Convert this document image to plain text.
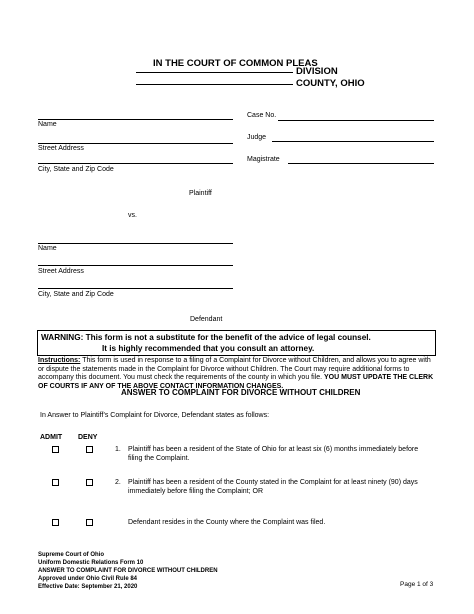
IN THE COURT OF COMMON PLEAS
DIVISION
COUNTY, OHIO
Name
Street Address
City, State and Zip Code
Plaintiff
Case No.
Judge
Magistrate
vs.
Name
Street Address
City, State and Zip Code
Defendant
WARNING: This form is not a substitute for the benefit of the advice of legal counsel.
It is highly recommended that you consult an attorney.
Instructions: This form is used in response to a filing of a Complaint for Divorce without Children, and allows you to agree with or dispute the statements made in the Complaint for Divorce without Children. The Court may require additional forms to accompany this document. You must check the requirements of the county in which you file. YOU MUST UPDATE THE CLERK OF COURTS IF ANY OF THE ABOVE CONTACT INFORMATION CHANGES.
ANSWER TO COMPLAINT FOR DIVORCE WITHOUT CHILDREN
In Answer to Plaintiff’s Complaint for Divorce, Defendant states as follows:
ADMIT DENY
1. Plaintiff has been a resident of the State of Ohio for at least six (6) months immediately before filing the Complaint.
2. Plaintiff has been a resident of the County stated in the Complaint for at least ninety (90) days immediately before filing the Complaint; OR
Defendant resides in the County where the Complaint was filed.
Supreme Court of Ohio
Uniform Domestic Relations Form 10
ANSWER TO COMPLAINT FOR DIVORCE WITHOUT CHILDREN
Approved under Ohio Civil Rule 84
Effective Date: September 21, 2020	Page 1 of 3
